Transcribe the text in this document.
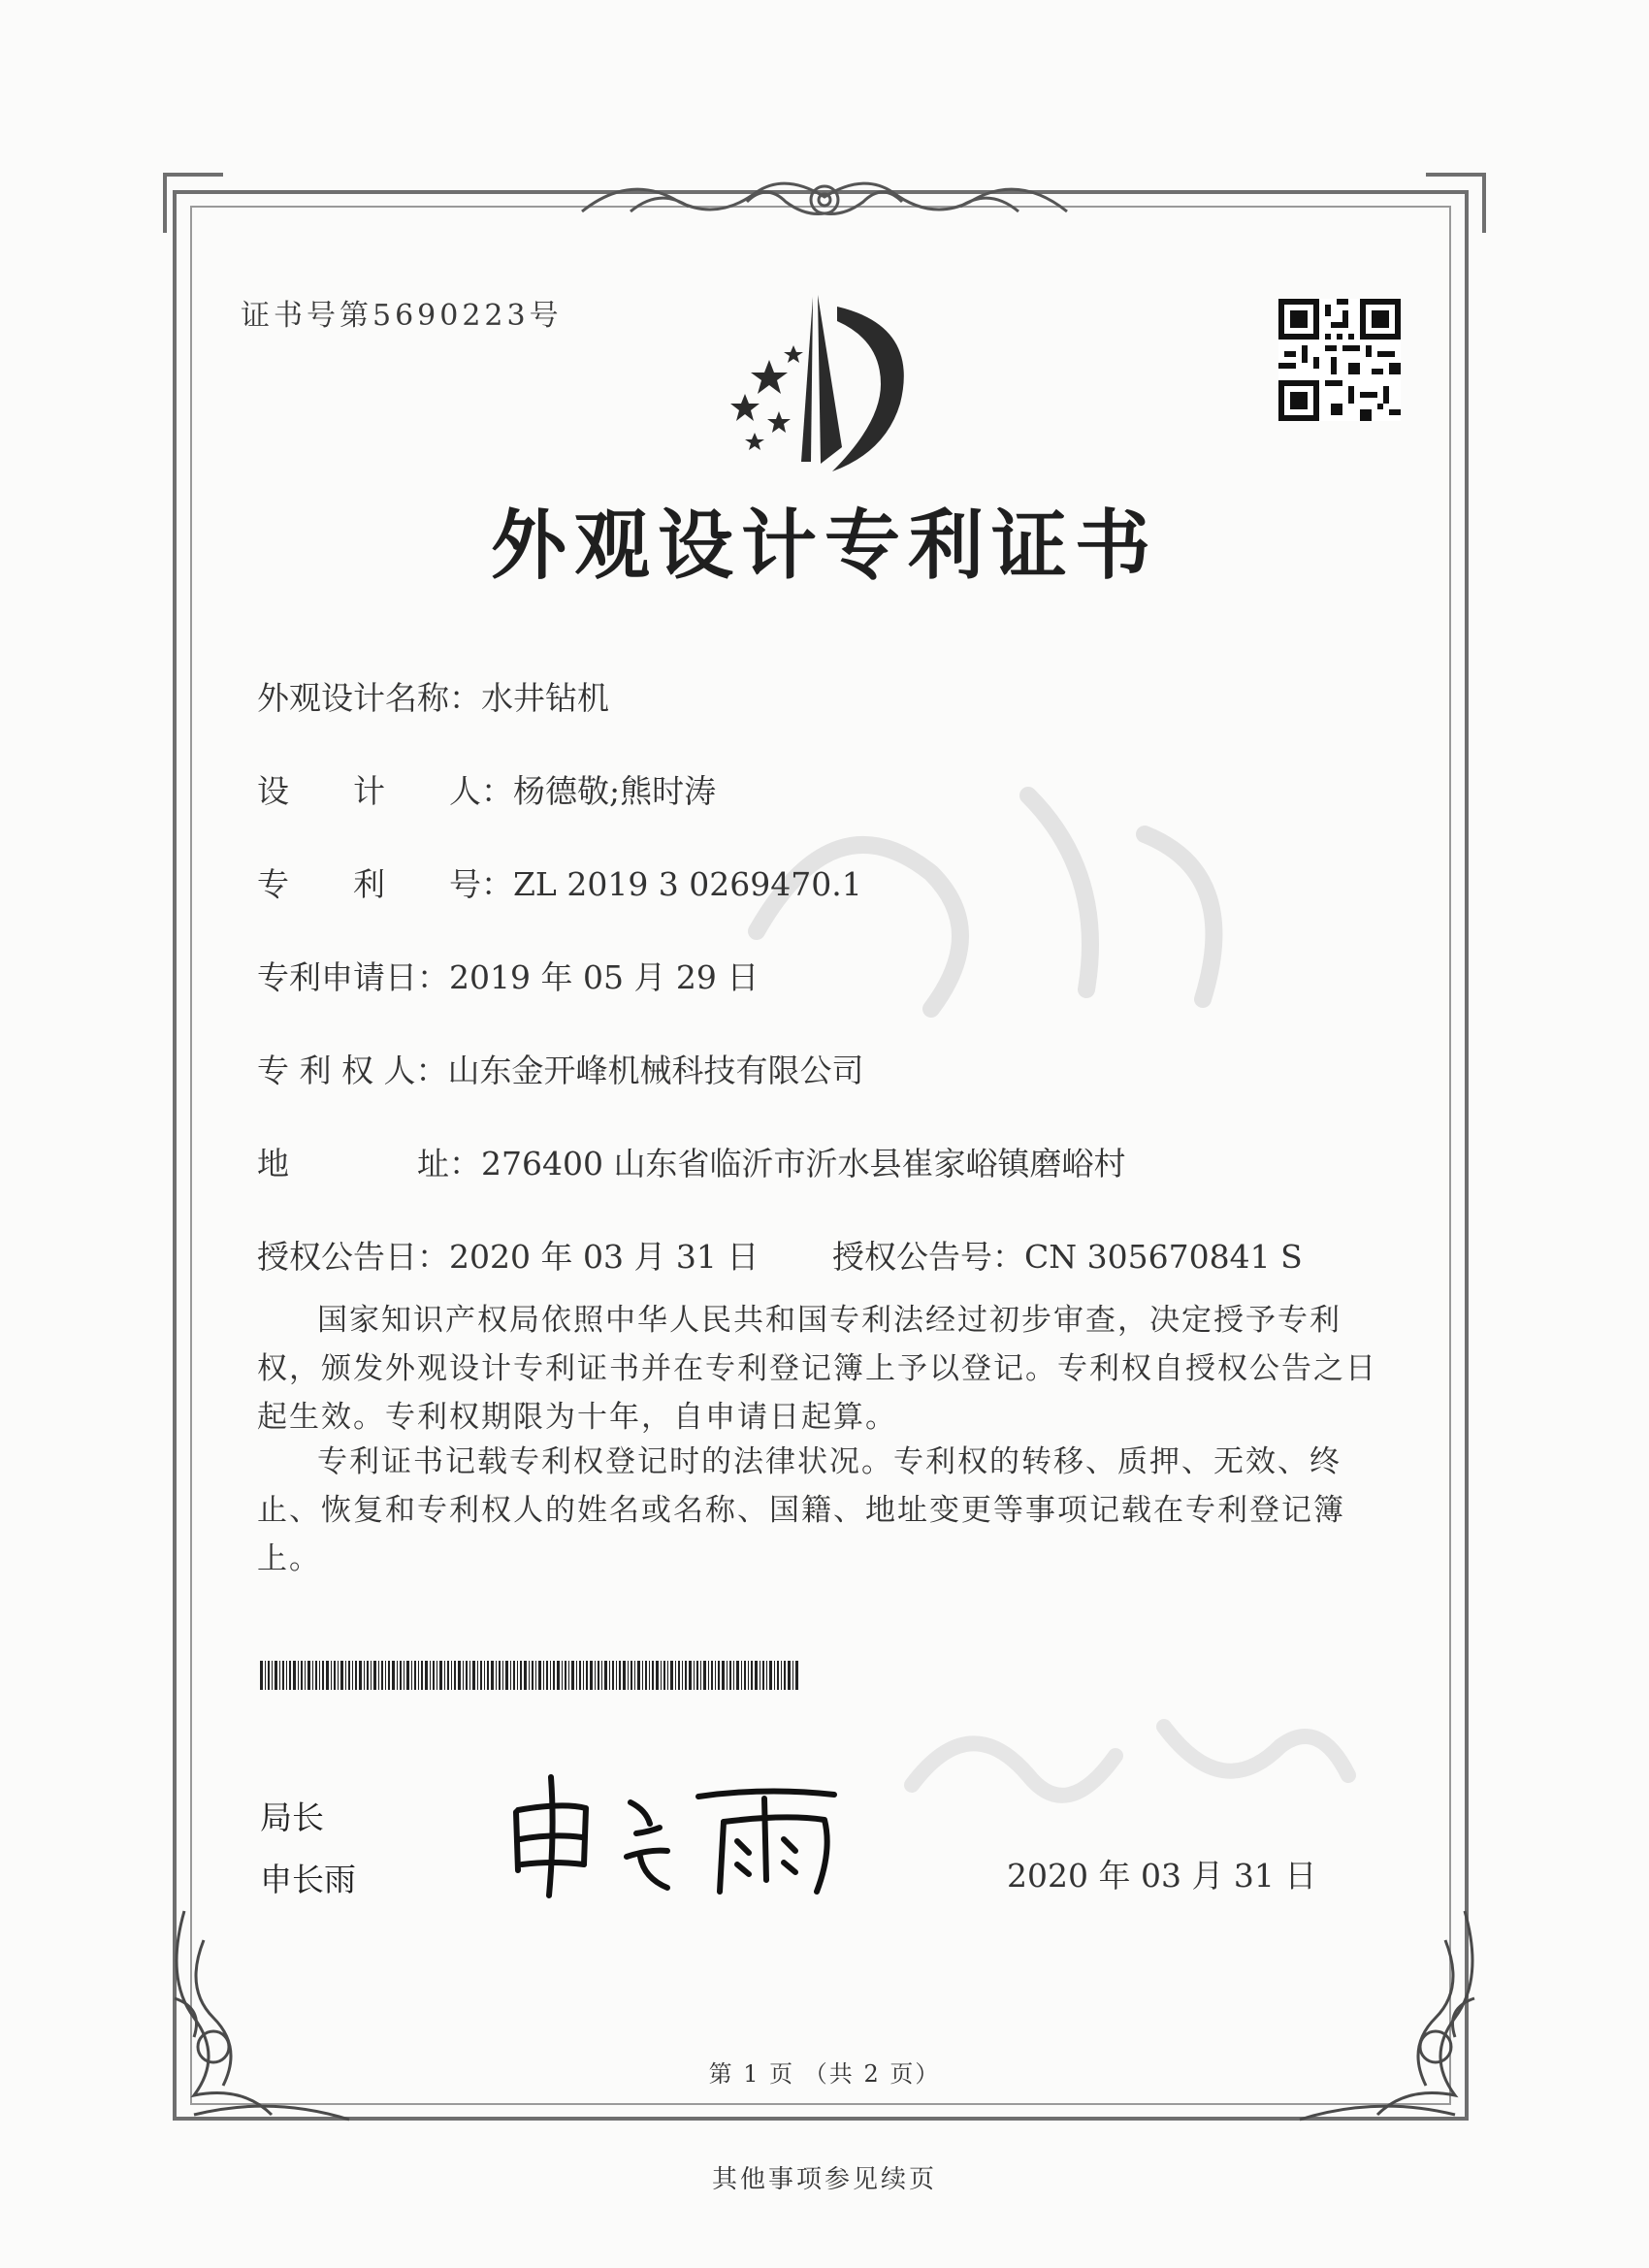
证书号第5690223号
外观设计专利证书
外观设计名称：水井钻机
设　　计　　人：杨德敬;熊时涛
专　　利　　号：ZL 2019 3 0269470.1
专利申请日：2019 年 05 月 29 日
专 利 权 人：山东金开峰机械科技有限公司
地　　　　址：276400 山东省临沂市沂水县崔家峪镇磨峪村
授权公告日：2020 年 03 月 31 日 授权公告号：CN 305670841 S
国家知识产权局依照中华人民共和国专利法经过初步审查，决定授予专利权，颁发外观设计专利证书并在专利登记簿上予以登记。专利权自授权公告之日起生效。专利权期限为十年，自申请日起算。
专利证书记载专利权登记时的法律状况。专利权的转移、质押、无效、终止、恢复和专利权人的姓名或名称、国籍、地址变更等事项记载在专利登记簿上。
局长
申长雨	2020 年 03 月 31 日
第 1 页 （共 2 页）
其他事项参见续页
